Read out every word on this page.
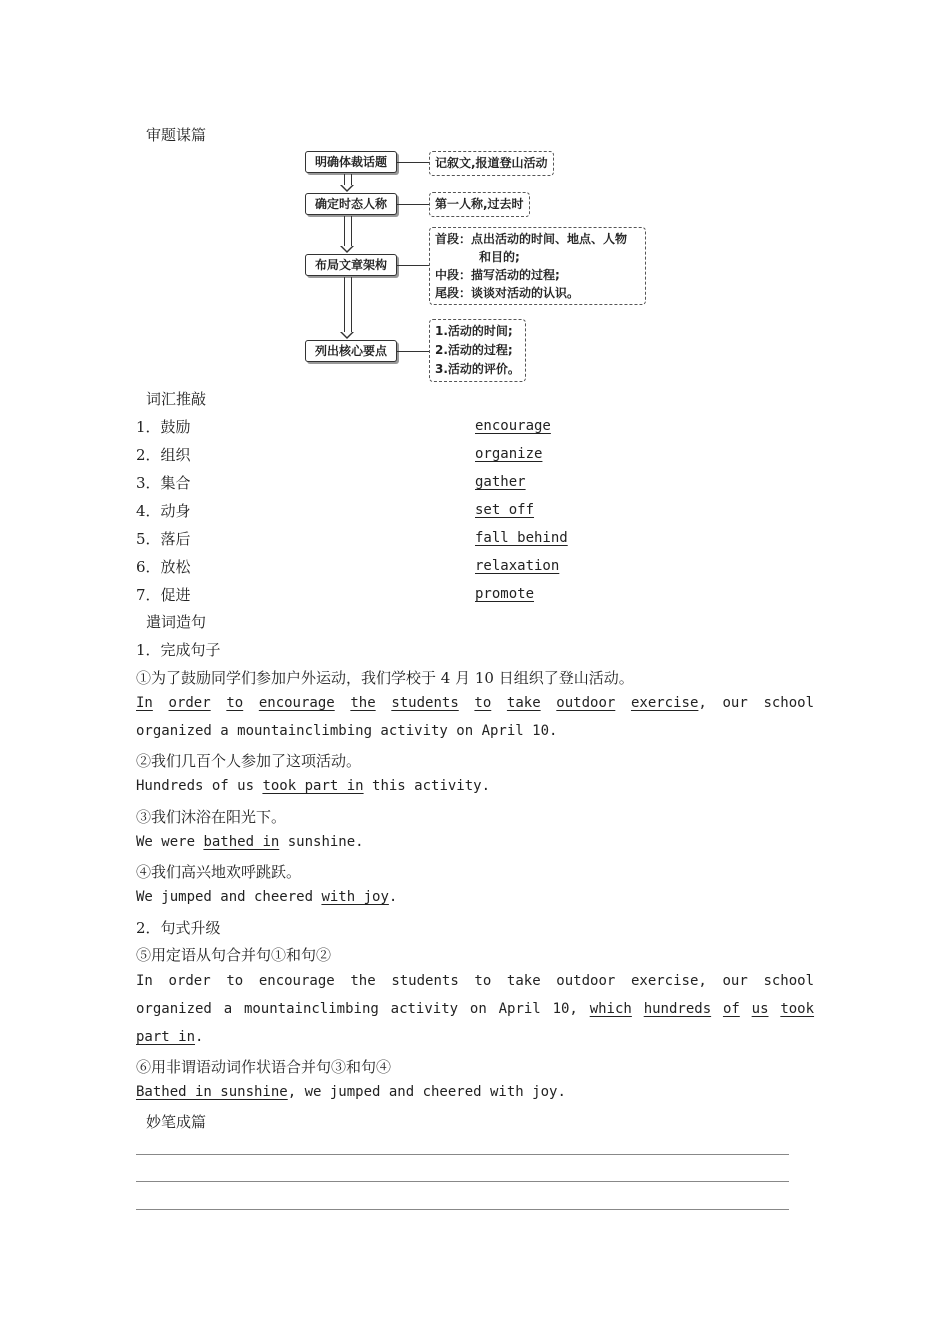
审题谋篇
明确体裁话题
确定时态人称
布局文章架构
列出核心要点
记叙文,报道登山活动
第一人称,过去时
首段：点出活动的时间、地点、人物
和目的;
中段：描写活动的过程;
尾段：谈谈对活动的认识。
1.活动的时间;
2.活动的过程;
3.活动的评价。
词汇推敲
1．鼓励	encourage
2．组织	organize
3．集合	gather
4．动身	set off
5．落后	fall behind
6．放松	relaxation
7．促进	promote
遣词造句
1．完成句子
①为了鼓励同学们参加户外运动，我们学校于 4 月 10 日组织了登山活动。
In order to encourage the students to take outdoor exercise, our school
organized a mountainclimbing activity on April 10.
②我们几百个人参加了这项活动。
Hundreds of us took part in this activity.
③我们沐浴在阳光下。
We were bathed in sunshine.
④我们高兴地欢呼跳跃。
We jumped and cheered with joy.
2．句式升级
⑤用定语从句合并句①和句②
In order to encourage the students to take outdoor exercise, our school
organized a mountainclimbing activity on April 10, which hundreds of us took
part in.
⑥用非谓语动词作状语合并句③和句④
Bathed in sunshine, we jumped and cheered with joy.
妙笔成篇
